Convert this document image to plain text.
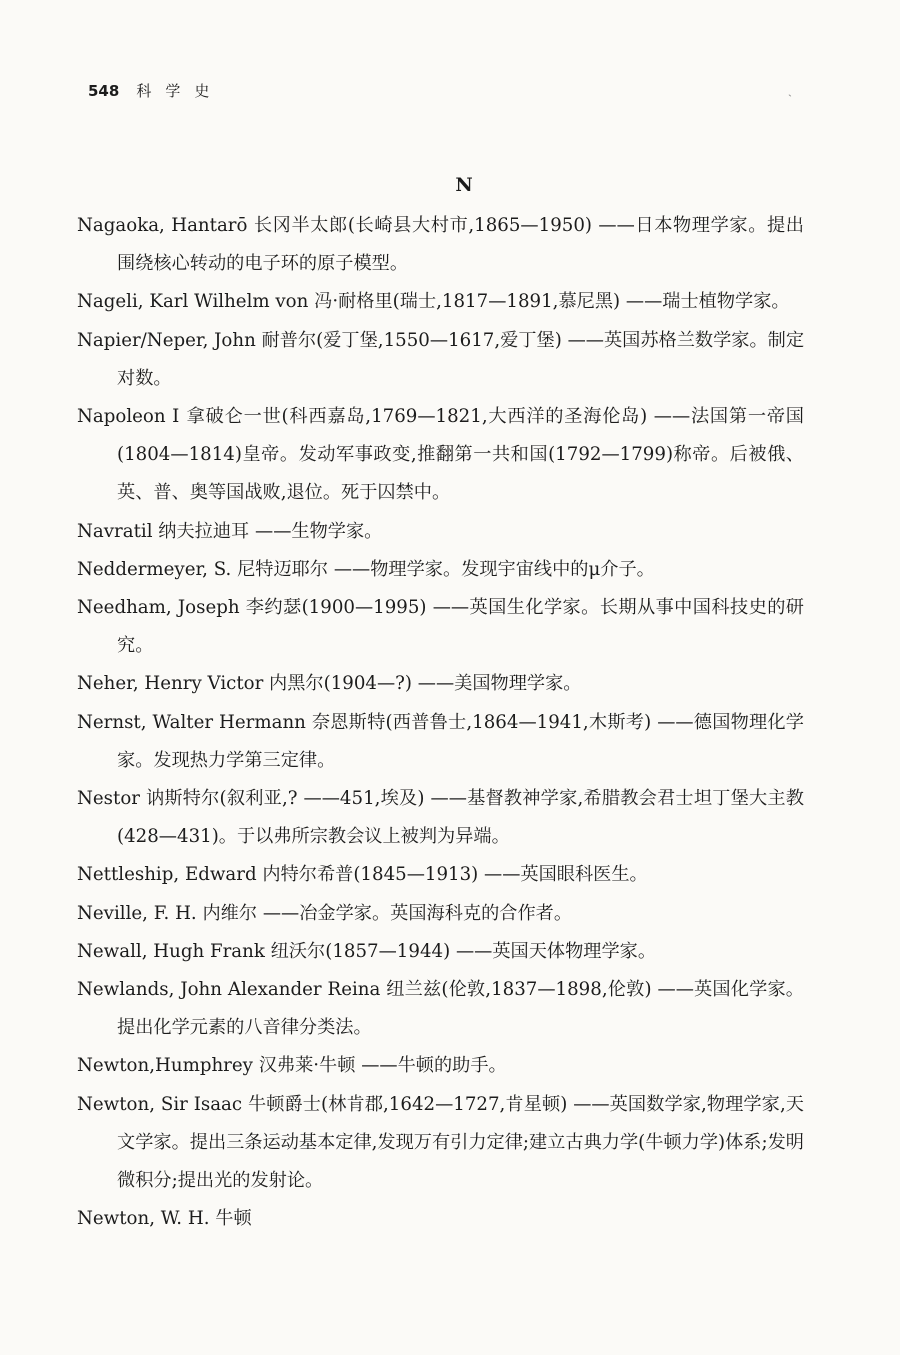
548 科学史	ˎ
N

Nagaoka, Hantarō 长冈半太郎(长崎县大村市,1865—1950) ——日本物理学家。提出围绕核心转动的电子环的原子模型。

Nageli, Karl Wilhelm von 冯·耐格里(瑞士,1817—1891,慕尼黑) ——瑞士植物学家。

Napier/Neper, John 耐普尔(爱丁堡,1550—1617,爱丁堡) ——英国苏格兰数学家。制定对数。

Napoleon Ⅰ 拿破仑一世(科西嘉岛,1769—1821,大西洋的圣海伦岛) ——法国第一帝国(1804—1814)皇帝。发动军事政变,推翻第一共和国(1792—1799)称帝。后被俄、英、普、奥等国战败,退位。死于囚禁中。

Navratil 纳夫拉迪耳 ——生物学家。

Neddermeyer, S. 尼特迈耶尔 ——物理学家。发现宇宙线中的μ介子。

Needham, Joseph 李约瑟(1900—1995) ——英国生化学家。长期从事中国科技史的研究。

Neher, Henry Victor 内黑尔(1904—?) ——美国物理学家。

Nernst, Walter Hermann 奈恩斯特(西普鲁士,1864—1941,木斯考) ——德国物理化学家。发现热力学第三定律。

Nestor 讷斯特尔(叙利亚,? ——451,埃及) ——基督教神学家,希腊教会君士坦丁堡大主教(428—431)。于以弗所宗教会议上被判为异端。

Nettleship, Edward 内特尔希普(1845—1913) ——英国眼科医生。

Neville, F. H. 内维尔 ——冶金学家。英国海科克的合作者。

Newall, Hugh Frank 纽沃尔(1857—1944) ——英国天体物理学家。

Newlands, John Alexander Reina 纽兰兹(伦敦,1837—1898,伦敦) ——英国化学家。提出化学元素的八音律分类法。

Newton,Humphrey 汉弗莱·牛顿 ——牛顿的助手。

Newton, Sir Isaac 牛顿爵士(林肯郡,1642—1727,肯星顿) ——英国数学家,物理学家,天文学家。提出三条运动基本定律,发现万有引力定律;建立古典力学(牛顿力学)体系;发明微积分;提出光的发射论。

Newton, W. H. 牛顿
